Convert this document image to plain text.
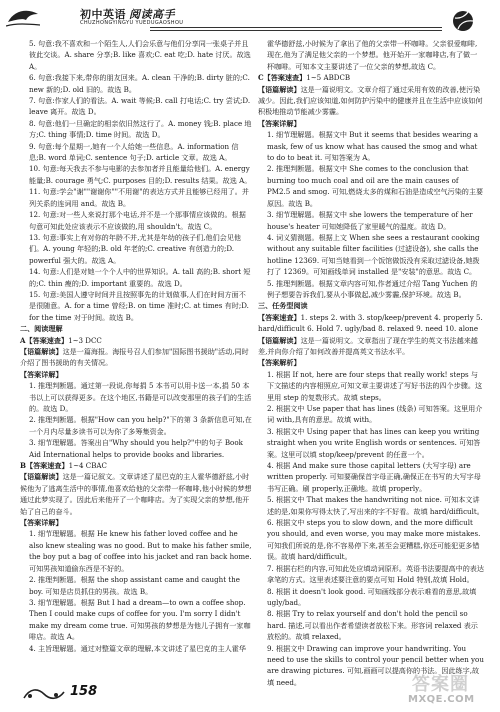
初中英语 阅读高手
CHUZHONGYINGYU YUEDUGAOSHOU

5. 句意:我不喜欢和一个陌生人,人们会乐意与他们分享同一张桌子并且彼此交谈。A. share 分享;B. like 喜欢;C. eat 吃;D. hate 讨厌。故选 A。

6. 句意:我接下来,带你的朋友回来。A. clean 干净的;B. dirty 脏的;C. new 新的;D. old 旧的。故选 B。

7. 句意:作家人们的看法。A. wait 等候;B. call 打电话;C. try 尝试;D. leave 离开。故选 D。

8. 句意:他们一旦确定的相亲依旧然这行了。A. money 钱;B. place 地方;C. thing 事情;D. time 时间。故选 D。

9. 句意:每个星期一,她有一个人给她一些信息。A. information 信息;B. word 单词;C. sentence 句子;D. article 文章。故选 A。

10. 句意:每天我去不参与电影的去参加者并且能量给他们。A. energy 能量;B. courage 勇气;C. purposes 目的;D. results 结果。故选 A。

11. 句意:学会"谢""谢谢你""不用谢"的表达方式并且能够已经用了。并列关系的连词用 and。故选 B。

12. 句意:对一些人来说打那个电话,并不是一个那事情应该做的。根据句意可知此处应该表示不应该做的,用 shouldn't。故选 C。

13. 句意:事实上有对你的年龄不并,尤其是年幼的孩子们,他们会见他们。A. young 年轻的;B. old 年老的;C. creative 有创造力的;D. powerful 强大的。故选 A。

14. 句意:人们是对她一个个人中的世界知识。A. tall 高的;B. short 短的;C. thin 瘦的;D. important 重要的。故选 D。

15. 句意:美国人遵守时间并且按照事先的计划做事,人们在时间方面不是很随意。A. for a time 曾经;B. on time 准时;C. at times 有时;D. for the time 对于时间。故选 B。

二、阅读理解

A【答案速查】1~3 DCC

【语篇解读】这是一篇海报。海报号召人们参加"国际图书援助"活动,同时介绍了图书援助的有关情况。

【答案详解】

1. 推理判断题。通过第一段说,你每捐 5 本书可以用卡送一本,捐 50 本书以上可以获得更多。在这个地区,书籍是可以改变那里的孩子们的生活的。故选 D。

2. 推理判断题。根据"How can you help?"下的第 3 条新信息可知,在一个月内尽量多读书可以为你了多筹集资金。

3. 细节理解题。答案出自"Why should you help?"中的句子 Book Aid International helps to provide books and libraries.

B【答案速查】1~4 CBAC

【语篇解读】这是一篇记叙文。文章讲述了星巴克的主人霍华德舒兹,小时候他为了逃离生活中的事情,他喜欢给他的父亲带一杯咖啡,他小时候的梦想通过此梦实现了。因此后来他开了一个咖啡店。为了实现父亲的梦想,他开始了自己的奋斗。

【答案详解】

1. 细节理解题。根据 He knew his father loved coffee and he also knew stealing was no good. But to make his father smile, the boy put a bag of coffee into his jacket and ran back home. 可知男孩知道偷东西是不好的。

2. 推理判断题。根据 the shop assistant came and caught the boy. 可知是店员抓住的男孩。故选 B。

3. 细节理解题。根据 But I had a dream—to own a coffee shop. Then I could make cups of coffee for you. I'm sorry I didn't make my dream come true. 可知男孩的梦想是为他儿子拥有一家咖啡店。故选 A。

4. 主旨理解题。通过对整篇文章的理解,本文讲述了星巴克的主人霍华

霍华德舒兹,小时候为了拿出了他的父亲带一杯咖啡。父亲很爱咖啡,现在,他为了满足他父亲的一个梦想。他开始开一家咖啡店,有了做一杯咖啡。可知本文主要讲述了一位父亲的梦想,故选 C。

C【答案速查】1~5 ABDCB

【语篇解读】这是一篇说明文。文章介绍了通过采用有效的改善,使污染减少。因此,我们应该知道,如何防护污染中的健康并且在生活中应该如何积极地推动节能减少雾霾。

【答案详解】

1. 细节理解题。根据文中 But it seems that besides wearing a mask, few of us know what has caused the smog and what to do to beat it. 可知答案为 A。

2. 推理判断题。根据文中 She comes to the conclusion that burning too much coal and oil are the main causes of PM2.5 and smog. 可知,燃烧太多的煤和石油是造成空气污染的主要原因。故选 B。

3. 细节理解题。根据文中 she lowers the temperature of her house's heater 可知她降低了家里暖气的温度。故选 D。

4. 词义猜测题。根据上文 When she sees a restaurant cooking without any suitable filter facilities (过滤设备), she calls the hotline 12369. 可知当她看到一个饭馆做饭没有采取过滤设备,她拨打了 12369。可知画线单词 installed 是"安装"的意思。故选 C。

5. 推理判断题。根据文章内容可知,作者通过介绍 Tang Yuchen 的例子想要告诉我们,要从小事做起,减少雾霾,保护环境。故选 B。

三、任务型阅读

【答案速查】1. steps 2. with 3. stop/keep/prevent 4. properly 5. hard/difficult 6. Hold 7. ugly/bad 8. relaxed 9. need 10. alone

【语篇解读】这是一篇说明文。文章指出了现在学生的英文书法越来越差,并向你介绍了如何改善并提高英文书法水平。

【答案解析】

1. 根据 If not, here are four steps that really work! steps 与下文描述的内容相照应,可知文章主要讲述了写好书法的四个步骤。这里用 step 的复数形式。故填 steps。

2. 根据文中 Use paper that has lines (线条) 可知答案。这里用介词 with,具有的意思。故填 with。

3. 根据文中 Using paper that has lines can keep you writing straight when you write English words or sentences. 可知答案。这里可以填 stop/keep/prevent 的任意一个。

4. 根据 And make sure those capital letters (大写字母) are written properly. 可知要确保首字母正确,确保正在书写的大写字母书写正确。刷 properly,正确地。故填 properly。

5. 根据文中 That makes the handwriting not nice. 可知本文讲述的是,如果你写得太快了,写出来的字不好看。故填 hard/difficult。

6. 根据文中 steps you to slow down, and the more difficult you should, and even worse, you may make more mistakes. 可知我们所说的是,你不容易停下来,甚至会更糟糕,你还可能犯更多错误。故填 hard/difficult。

7. 根据右栏的内容,可知此处应填动词原形。英语书法要提高中的表达拿笔的方式。这里表述要注意的要点可知 Hold 特别,故填 Hold。

8. 根据 it doesn't look good. 可知画线部分表示难看的意思,故填 ugly/bad。

8. 根据 Try to relax yourself and don't hold the pencil so hard. 描述,可以看出作者希望读者放松下来。形容词 relaxed 表示放松的。故填 relaxed。

9. 根据文中 Drawing can improve your handwriting. You need to use the skills to control your pencil better when you are drawing pictures. 可知,画画可以提高你的书法。因此练字,故填 need。

158	答案圈
MXQE.COM
